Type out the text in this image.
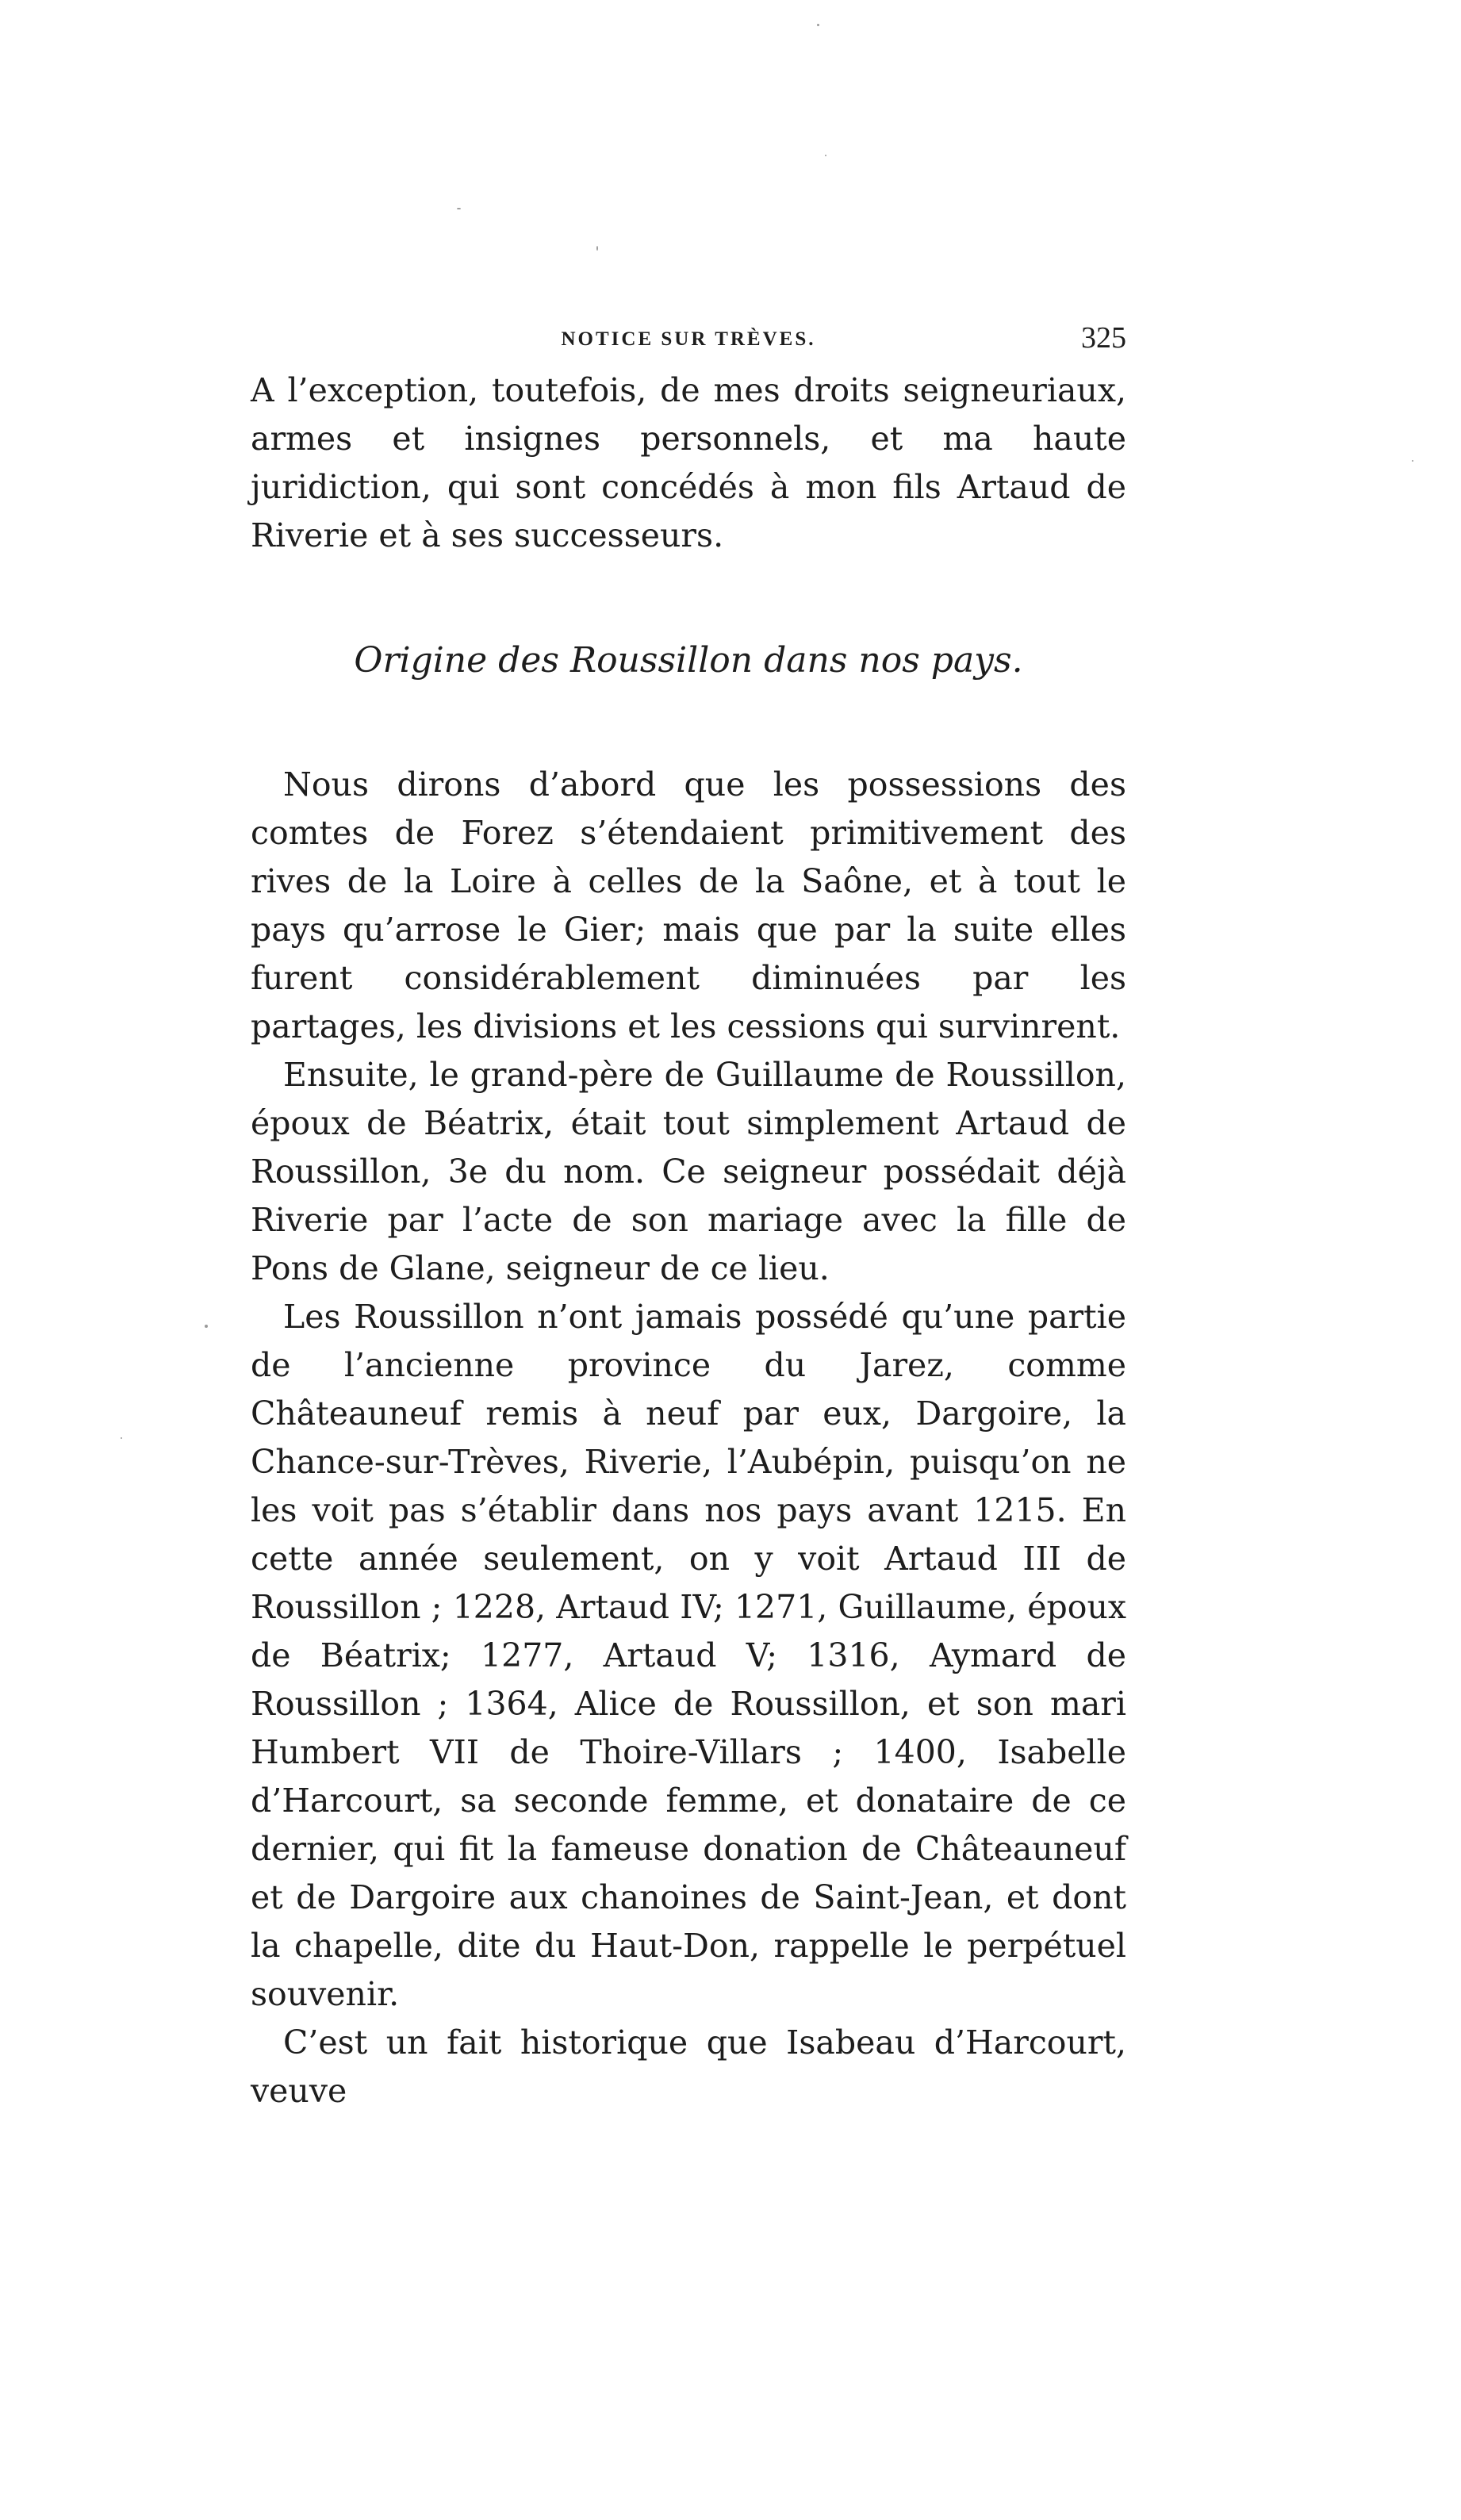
NOTICE SUR TRÈVES.	325

A l’exception, toutefois, de mes droits seigneuriaux, armes et insignes personnels, et ma haute juridiction, qui sont concédés à mon fils Artaud de Riverie et à ses successeurs.

Origine des Roussillon dans nos pays.

Nous dirons d’abord que les possessions des comtes de Forez s’étendaient primitivement des rives de la Loire à celles de la Saône, et à tout le pays qu’arrose le Gier; mais que par la suite elles furent considérablement diminuées par les partages, les divisions et les cessions qui survinrent.

Ensuite, le grand-père de Guillaume de Roussillon, époux de Béatrix, était tout simplement Artaud de Roussillon, 3e du nom. Ce seigneur possédait déjà Riverie par l’acte de son mariage avec la fille de Pons de Glane, seigneur de ce lieu.

Les Roussillon n’ont jamais possédé qu’une partie de l’ancienne province du Jarez, comme Châteauneuf remis à neuf par eux, Dargoire, la Chance-sur-Trèves, Riverie, l’Aubépin, puisqu’on ne les voit pas s’établir dans nos pays avant 1215. En cette année seulement, on y voit Artaud III de Roussillon ; 1228, Artaud IV; 1271, Guillaume, époux de Béatrix; 1277, Artaud V; 1316, Aymard de Roussillon ; 1364, Alice de Roussillon, et son mari Humbert VII de Thoire-Villars ; 1400, Isabelle d’Harcourt, sa seconde femme, et donataire de ce dernier, qui fit la fameuse donation de Châteauneuf et de Dargoire aux chanoines de Saint-Jean, et dont la chapelle, dite du Haut-Don, rappelle le perpétuel souvenir.

C’est un fait historique que Isabeau d’Harcourt, veuve
